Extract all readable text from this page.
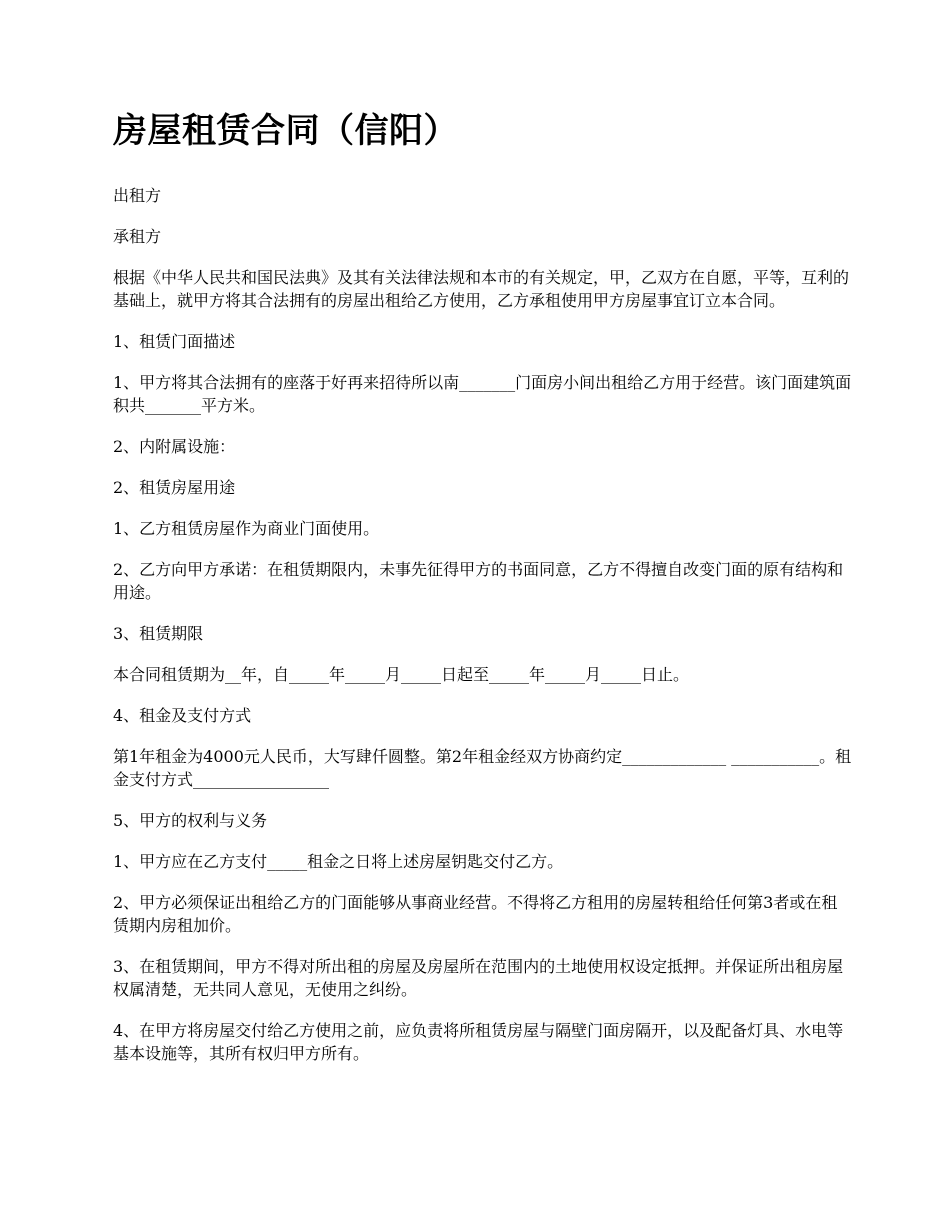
房屋租赁合同（信阳）

出租方

承租方

根据《中华人民共和国民法典》及其有关法律法规和本市的有关规定，甲，乙双方在自愿，平等，互利的基础上，就甲方将其合法拥有的房屋出租给乙方使用，乙方承租使用甲方房屋事宜订立本合同。

1、租赁门面描述

1、甲方将其合法拥有的座落于好再来招待所以南_______门面房小间出租给乙方用于经营。该门面建筑面积共_______平方米。

2、内附属设施：

2、租赁房屋用途

1、乙方租赁房屋作为商业门面使用。

2、乙方向甲方承诺：在租赁期限内，未事先征得甲方的书面同意，乙方不得擅自改变门面的原有结构和用途。

3、租赁期限

本合同租赁期为__年，自_____年_____月_____日起至_____年_____月_____日止。

4、租金及支付方式

第1年租金为4000元人民币，大写肆仟圆整。第2年租金经双方协商约定_____________ ___________。租金支付方式_________________

5、甲方的权利与义务

1、甲方应在乙方支付_____租金之日将上述房屋钥匙交付乙方。

2、甲方必须保证出租给乙方的门面能够从事商业经营。不得将乙方租用的房屋转租给任何第3者或在租赁期内房租加价。

3、在租赁期间，甲方不得对所出租的房屋及房屋所在范围内的土地使用权设定抵押。并保证所出租房屋权属清楚，无共同人意见，无使用之纠纷。

4、在甲方将房屋交付给乙方使用之前，应负责将所租赁房屋与隔壁门面房隔开，以及配备灯具、水电等基本设施等，其所有权归甲方所有。
